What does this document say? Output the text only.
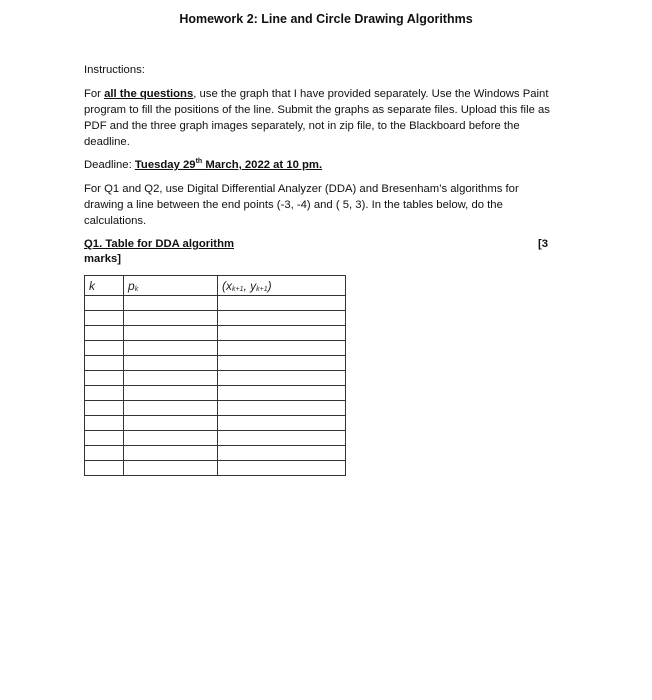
Homework 2: Line and Circle Drawing Algorithms
Instructions:
For all the questions, use the graph that I have provided separately. Use the Windows Paint program to fill the positions of the line. Submit the graphs as separate files. Upload this file as PDF and the three graph images separately, not in zip file, to the Blackboard before the deadline.
Deadline: Tuesday 29th March, 2022 at 10 pm.
For Q1 and Q2, use Digital Differential Analyzer (DDA) and Bresenham’s algorithms for drawing a line between the end points (-3, -4) and ( 5, 3). In the tables below, do the calculations.
Q1. Table for DDA algorithm	[3
marks]
k	$p_k$	($x_{k+1}$, $y_{k+1}$)
